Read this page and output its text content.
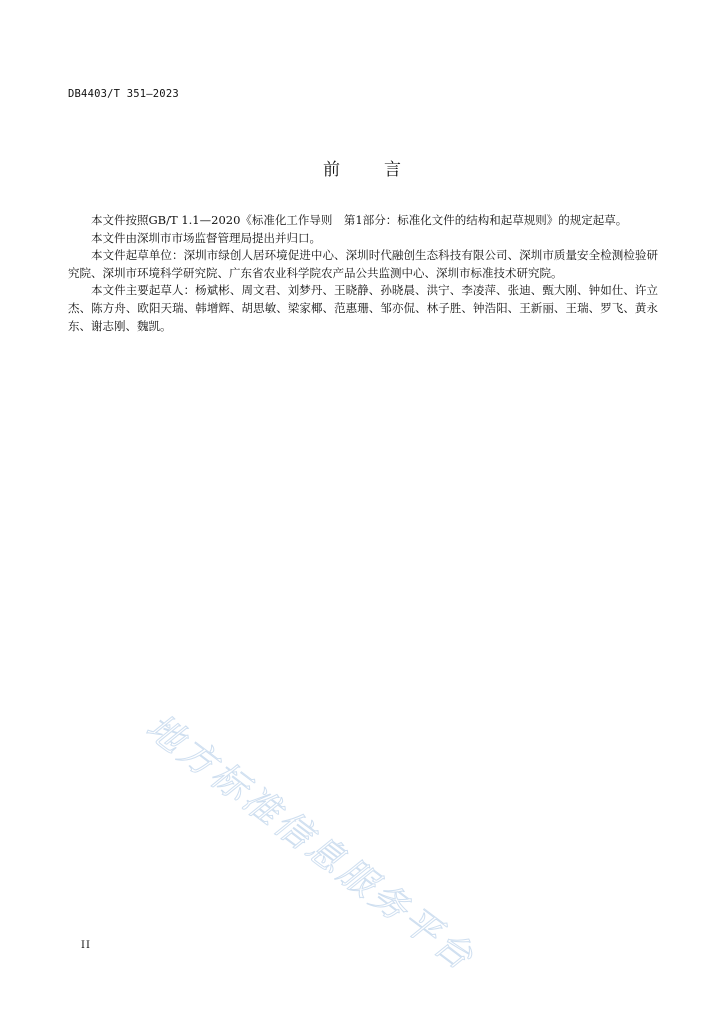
DB4403/T 351—2023
前言

本文件按照GB/T 1.1—2020《标准化工作导则　第1部分：标准化文件的结构和起草规则》的规定起草。

本文件由深圳市市场监督管理局提出并归口。

本文件起草单位：深圳市绿创人居环境促进中心、深圳时代融创生态科技有限公司、深圳市质量安全检测检验研究院、深圳市环境科学研究院、广东省农业科学院农产品公共监测中心、深圳市标准技术研究院。

本文件主要起草人：杨斌彬、周文君、刘梦丹、王晓静、孙晓晨、洪宁、李凌萍、张迪、甄大刚、钟如仕、许立杰、陈方舟、欧阳天瑞、韩增辉、胡思敏、梁家椰、范惠珊、邹亦侃、林子胜、钟浩阳、王新丽、王瑞、罗飞、黄永东、谢志刚、魏凯。

地方标准信息服务平台
II
